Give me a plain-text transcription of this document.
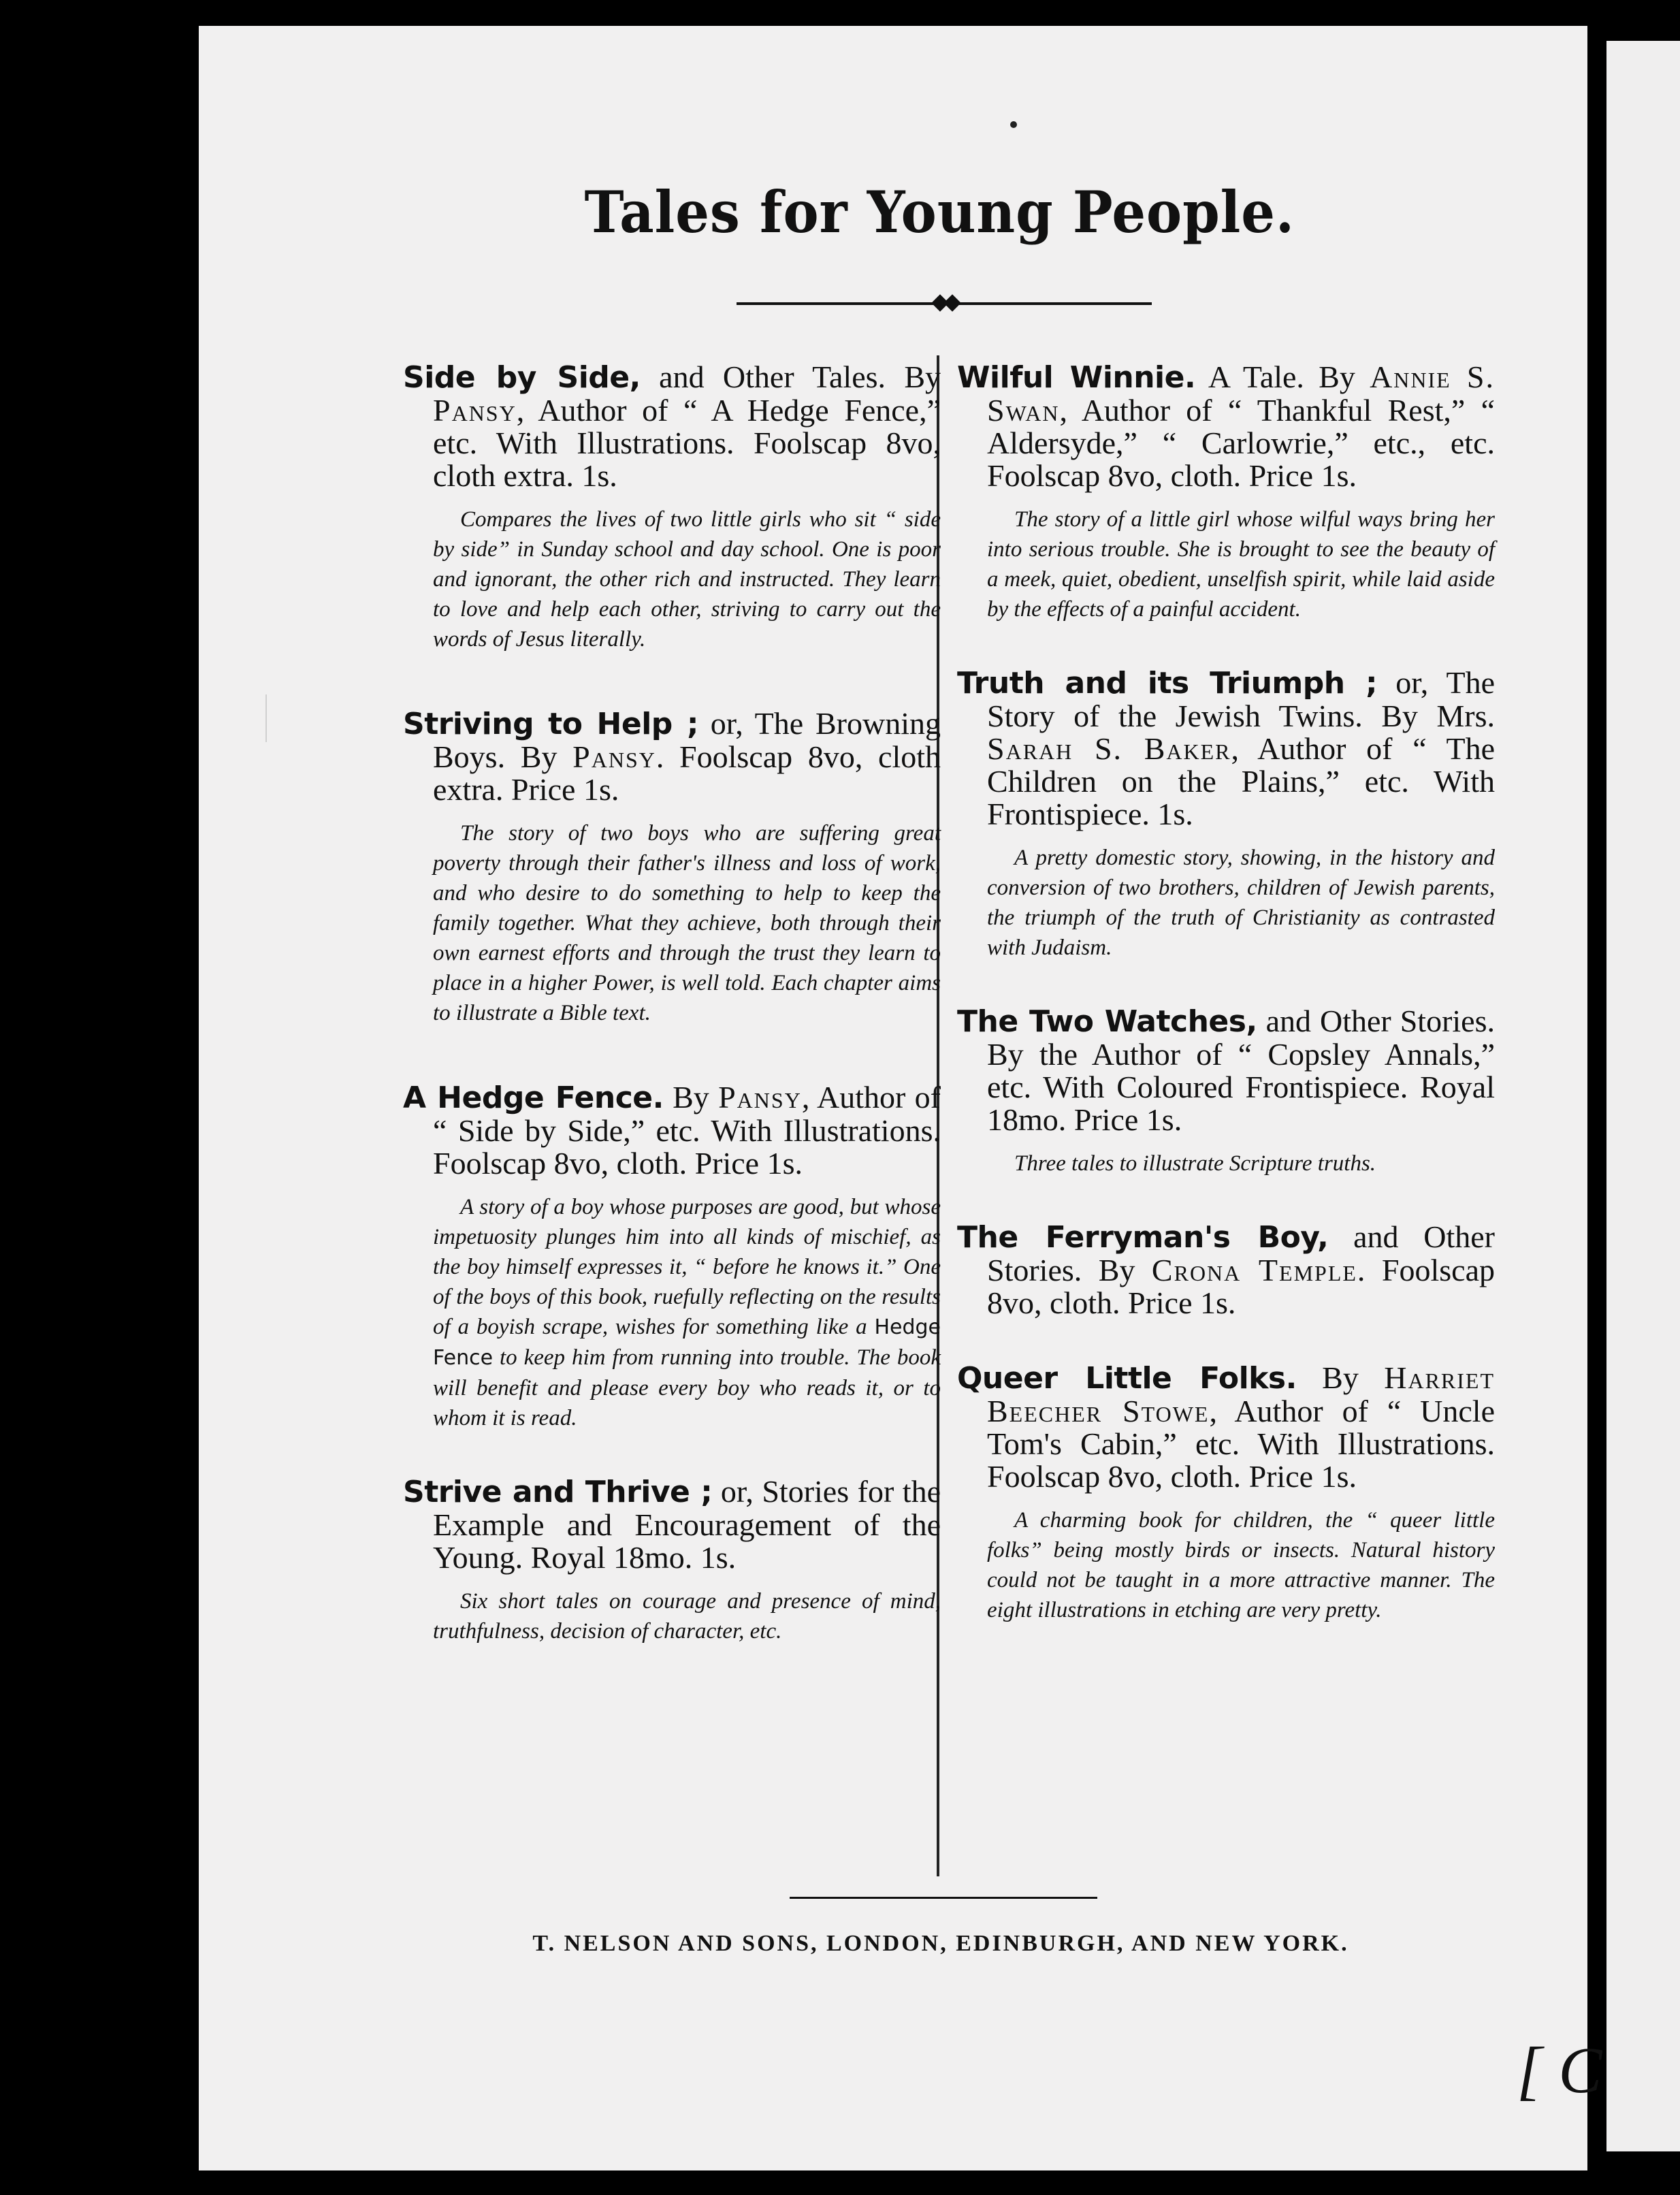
[ C
Tales for Young People.

Side by Side, and Other Tales. By Pansy, Author of “ A Hedge Fence,” etc. With Illustrations. Foolscap 8vo, cloth extra. 1s.

Compares the lives of two little girls who sit “ side by side” in Sunday school and day school. One is poor and ignorant, the other rich and instructed. They learn to love and help each other, striving to carry out the words of Jesus literally.

Striving to Help ; or, The Browning Boys. By Pansy. Foolscap 8vo, cloth extra. Price 1s.

The story of two boys who are suffering great poverty through their father's illness and loss of work, and who desire to do something to help to keep the family together. What they achieve, both through their own earnest efforts and through the trust they learn to place in a higher Power, is well told. Each chapter aims to illustrate a Bible text.

A Hedge Fence. By Pansy, Author of “ Side by Side,” etc. With Illustrations. Foolscap 8vo, cloth. Price 1s.

A story of a boy whose purposes are good, but whose impetuosity plunges him into all kinds of mischief, as the boy himself expresses it, “ before he knows it.” One of the boys of this book, ruefully reflecting on the results of a boyish scrape, wishes for something like a Hedge Fence to keep him from running into trouble. The book will benefit and please every boy who reads it, or to whom it is read.

Strive and Thrive ; or, Stories for the Example and Encouragement of the Young. Royal 18mo. 1s.

Six short tales on courage and presence of mind, truthfulness, decision of character, etc.

Wilful Winnie. A Tale. By Annie S. Swan, Author of “ Thankful Rest,” “ Aldersyde,” “ Carlowrie,” etc., etc. Foolscap 8vo, cloth. Price 1s.

The story of a little girl whose wilful ways bring her into serious trouble. She is brought to see the beauty of a meek, quiet, obedient, unselfish spirit, while laid aside by the effects of a painful accident.

Truth and its Triumph ; or, The Story of the Jewish Twins. By Mrs. Sarah S. Baker, Author of “ The Children on the Plains,” etc. With Frontispiece. 1s.

A pretty domestic story, showing, in the history and conversion of two brothers, children of Jewish parents, the triumph of the truth of Christianity as contrasted with Judaism.

The Two Watches, and Other Stories. By the Author of “ Copsley Annals,” etc. With Coloured Frontispiece. Royal 18mo. Price 1s.

Three tales to illustrate Scripture truths.

The Ferryman's Boy, and Other Stories. By Crona Temple. Foolscap 8vo, cloth. Price 1s.

Queer Little Folks. By Harriet Beecher Stowe, Author of “ Uncle Tom's Cabin,” etc. With Illustrations. Foolscap 8vo, cloth. Price 1s.

A charming book for children, the “ queer little folks” being mostly birds or insects. Natural history could not be taught in a more attractive manner. The eight illustrations in etching are very pretty.

T. NELSON AND SONS, LONDON, EDINBURGH, AND NEW YORK.
